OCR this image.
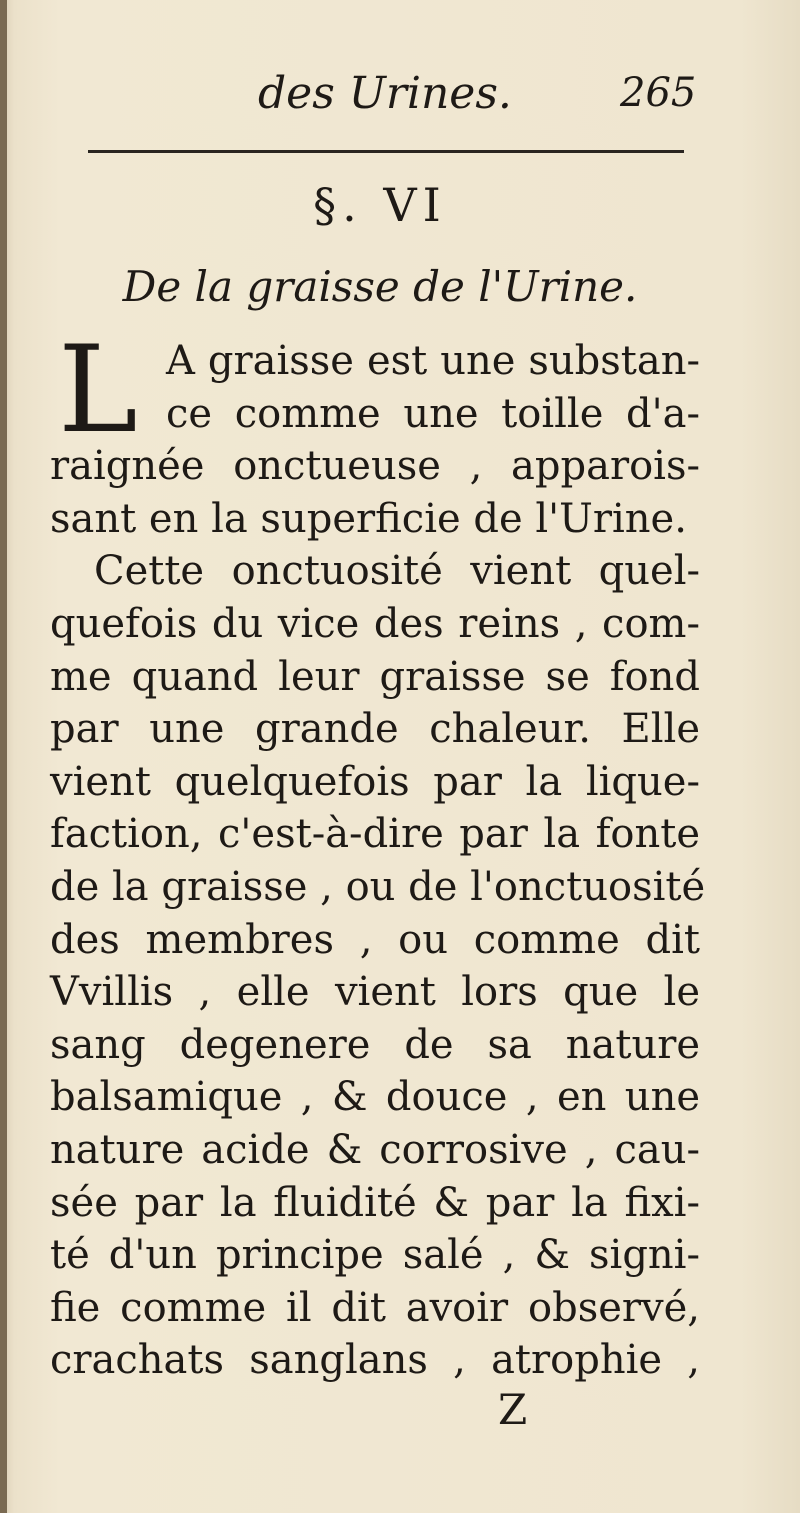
des Urines.	265
§. VI
De la graisse de l'Urine.
L A graisse est une substan-
ce comme une toille d'a-
raignée onctueuse , apparois-
sant en la superficie de l'Urine.
Cette onctuosité vient quel-
quefois du vice des reins , com-
me quand leur graisse se fond
par une grande chaleur. Elle
vient quelquefois par la lique-
faction, c'est-à-dire par la fonte
de la graisse , ou de l'onctuosité
des membres , ou comme dit
Vvillis , elle vient lors que le
sang degenere de sa nature
balsamique , & douce , en une
nature acide & corrosive , cau-
sée par la fluidité & par la fixi-
té d'un principe salé , & signi-
fie comme il dit avoir observé,
crachats sanglans , atrophie ,
Z
